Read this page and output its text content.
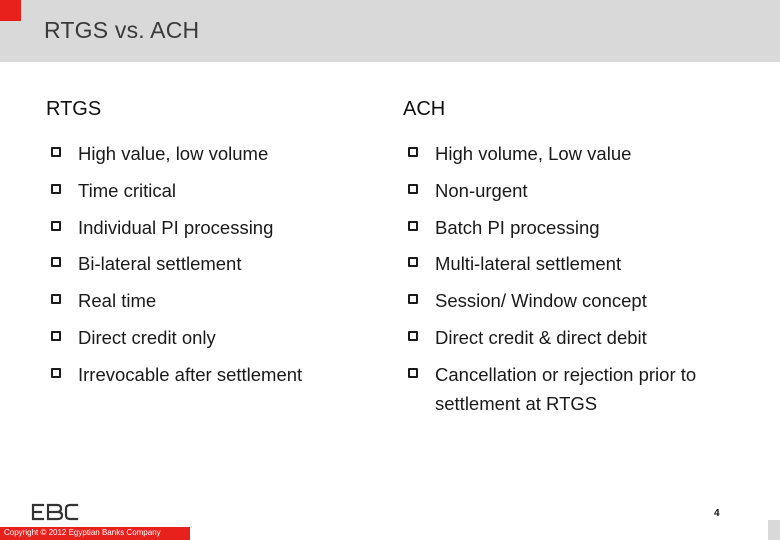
RTGS vs. ACH
RTGS
High value, low volume
Time critical
Individual PI processing
Bi-lateral settlement
Real time
Direct credit only
Irrevocable after settlement
ACH
High volume, Low value
Non-urgent
Batch PI processing
Multi-lateral settlement
Session/ Window concept
Direct credit & direct debit
Cancellation or rejection prior to settlement at RTGS
4
Copyright © 2012 Egyptian Banks Company
